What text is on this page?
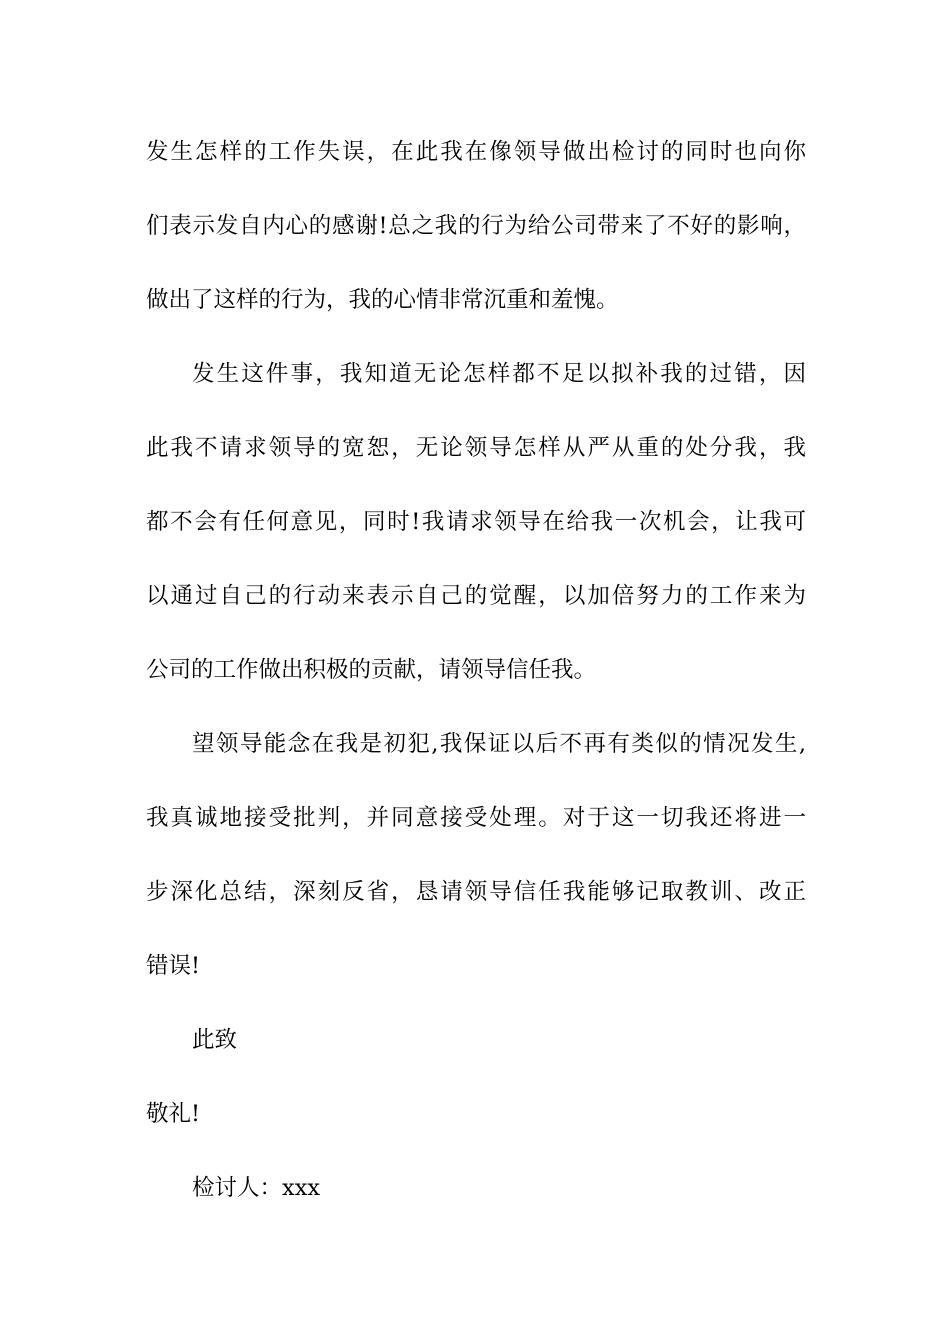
发生怎样的工作失误，在此我在像领导做出检讨的同时也向你
们表示发自内心的感谢!总之我的行为给公司带来了不好的影响，
做出了这样的行为，我的心情非常沉重和羞愧。
发生这件事，我知道无论怎样都不足以拟补我的过错，因
此我不请求领导的宽恕，无论领导怎样从严从重的处分我，我
都不会有任何意见，同时!我请求领导在给我一次机会，让我可
以通过自己的行动来表示自己的觉醒，以加倍努力的工作来为
公司的工作做出积极的贡献，请领导信任我。
望领导能念在我是初犯,我保证以后不再有类似的情况发生,
我真诚地接受批判，并同意接受处理。对于这一切我还将进一
步深化总结，深刻反省，恳请领导信任我能够记取教训、改正
错误!
此致
敬礼!
检讨人：xxx
